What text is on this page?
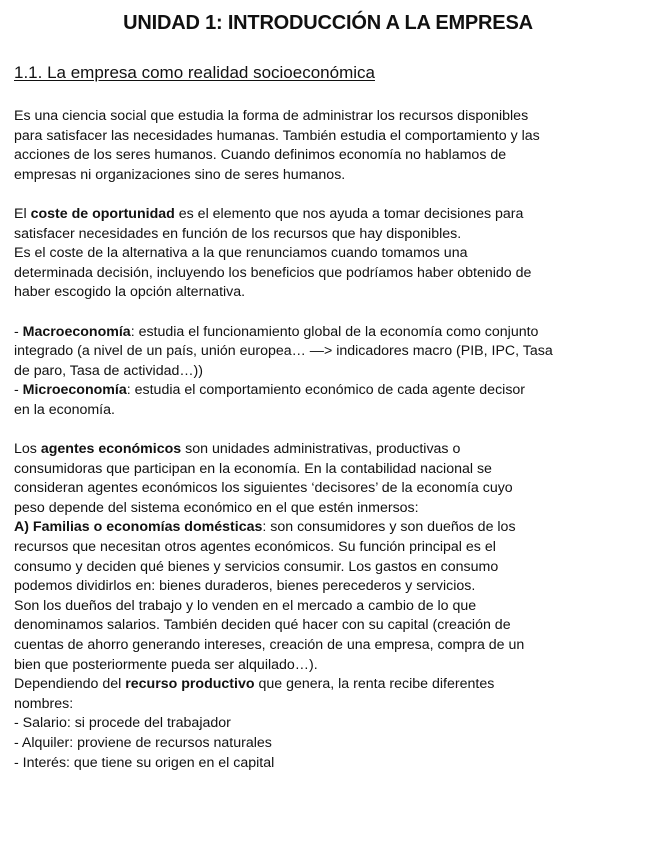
UNIDAD 1: INTRODUCCIÓN A LA EMPRESA
1.1. La empresa como realidad socioeconómica

Es una ciencia social que estudia la forma de administrar los recursos disponibles

para satisfacer las necesidades humanas. También estudia el comportamiento y las

acciones de los seres humanos. Cuando definimos economía no hablamos de

empresas ni organizaciones sino de seres humanos.

El coste de oportunidad es el elemento que nos ayuda a tomar decisiones para

satisfacer necesidades en función de los recursos que hay disponibles.

Es el coste de la alternativa a la que renunciamos cuando tomamos una

determinada decisión, incluyendo los beneficios que podríamos haber obtenido de

haber escogido la opción alternativa.

- Macroeconomía: estudia el funcionamiento global de la economía como conjunto

integrado (a nivel de un país, unión europea… —> indicadores macro (PIB, IPC, Tasa

de paro, Tasa de actividad…))

- Microeconomía: estudia el comportamiento económico de cada agente decisor

en la economía.

Los agentes económicos son unidades administrativas, productivas o

consumidoras que participan en la economía. En la contabilidad nacional se

consideran agentes económicos los siguientes ‘decisores’ de la economía cuyo

peso depende del sistema económico en el que estén inmersos:

A) Familias o economías domésticas: son consumidores y son dueños de los

recursos que necesitan otros agentes económicos. Su función principal es el

consumo y deciden qué bienes y servicios consumir. Los gastos en consumo

podemos dividirlos en: bienes duraderos, bienes perecederos y servicios.

Son los dueños del trabajo y lo venden en el mercado a cambio de lo que

denominamos salarios. También deciden qué hacer con su capital (creación de

cuentas de ahorro generando intereses, creación de una empresa, compra de un

bien que posteriormente pueda ser alquilado…).

Dependiendo del recurso productivo que genera, la renta recibe diferentes

nombres:

- Salario: si procede del trabajador

- Alquiler: proviene de recursos naturales

- Interés: que tiene su origen en el capital
